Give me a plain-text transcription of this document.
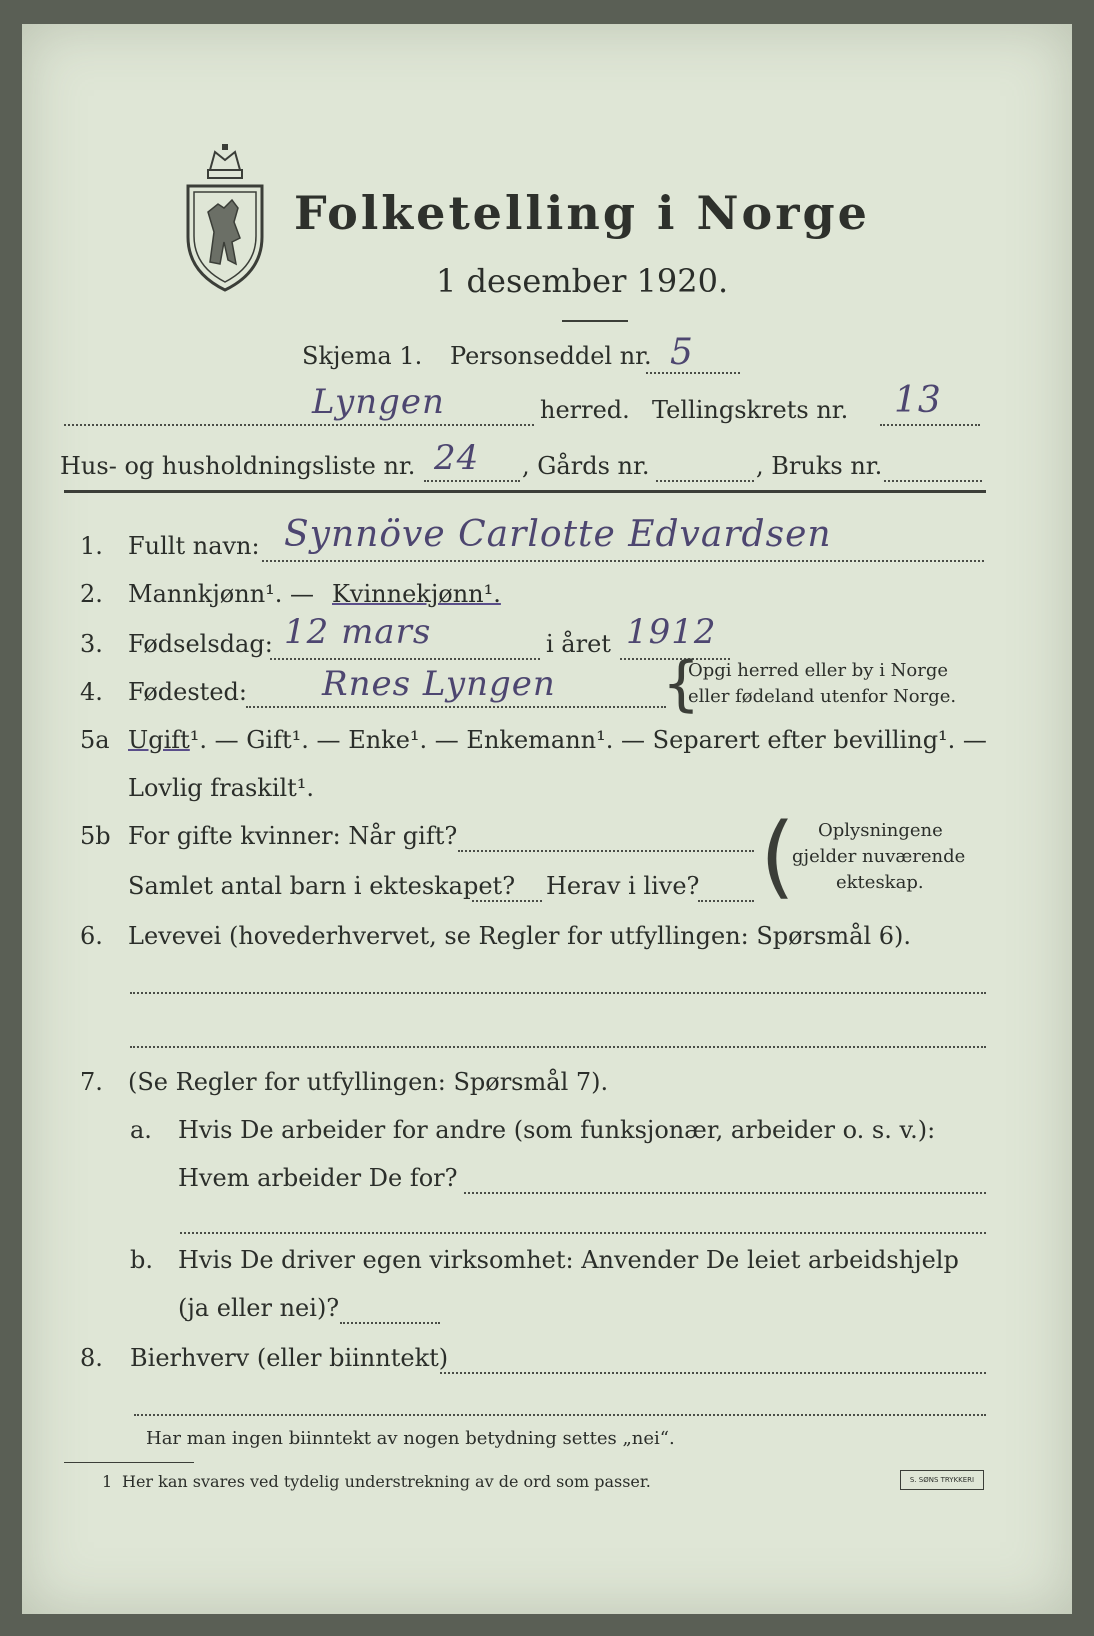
Folketelling i Norge
1 desember 1920.
Skjema 1. Personseddel nr. 5
Lyngen	herred. Tellingskrets nr. 13
Hus- og husholdningsliste nr. 24 , Gårds nr.	, Bruks nr.
1. Fullt navn: Synnöve Carlotte Edvardsen
2. Mannkjønn¹. — Kvinnekjønn¹.
3. Fødselsdag: 12 mars	i året 1912
4. Fødested: Rnes Lyngen {
Opgi herred eller by i Norge
eller fødeland utenfor Norge.
5a Ugift¹. — Gift¹. — Enke¹. — Enkemann¹. — Separert efter bevilling¹. —
Lovlig fraskilt¹.
5b For gifte kvinner: Når gift?
Samlet antal barn i ekteskapet? Herav i live? ( Oplysningene
gjelder nuværende
ekteskap.
6. Levevei (hovederhvervet, se Regler for utfyllingen: Spørsmål 6).
7. (Se Regler for utfyllingen: Spørsmål 7).
a. Hvis De arbeider for andre (som funksjonær, arbeider o. s. v.):
Hvem arbeider De for?
b. Hvis De driver egen virksomhet: Anvender De leiet arbeidshjelp
(ja eller nei)?
8. Bierhverv (eller biinntekt)
Har man ingen biinntekt av nogen betydning settes „nei“.
1 Her kan svares ved tydelig understrekning av de ord som passer.	S. SØNS TRYKKERI
